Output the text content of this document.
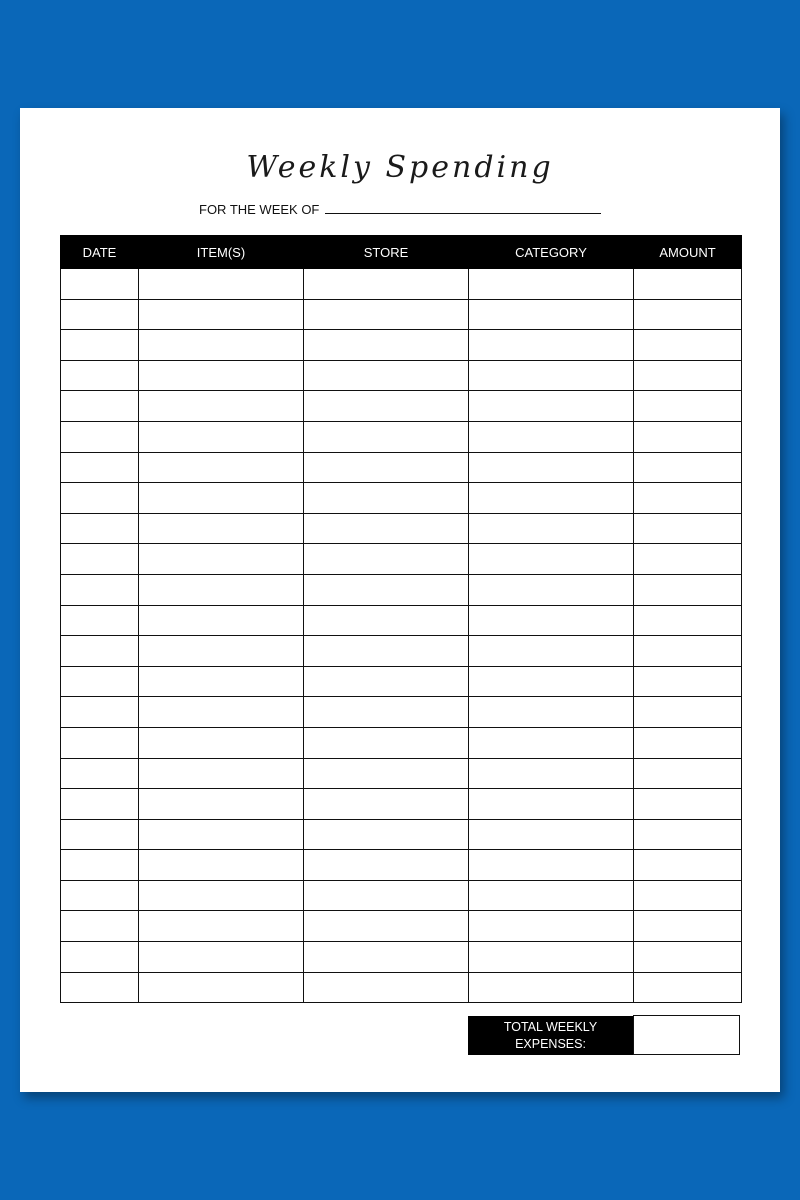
Weekly Spending
FOR THE WEEK OF
DATE	ITEM(S)	STORE	CATEGORY	AMOUNT

TOTAL WEEKLY
EXPENSES:
